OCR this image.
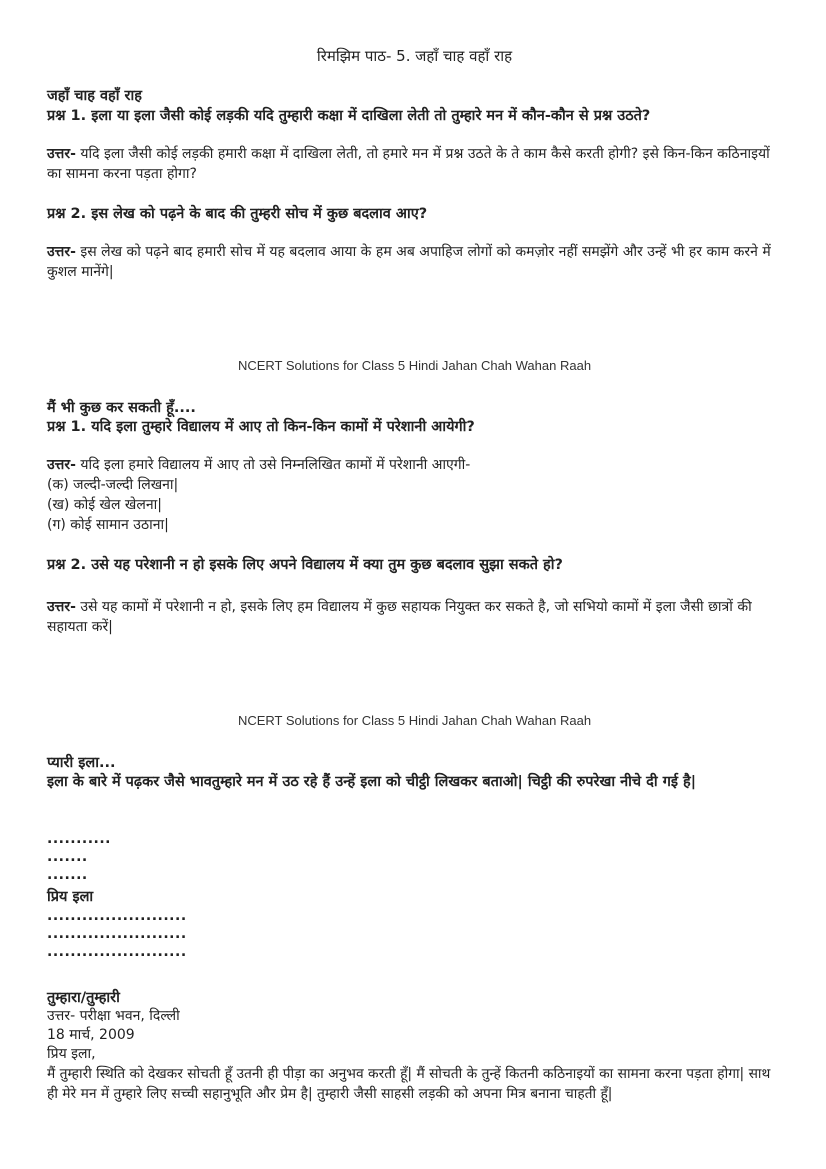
रिमझिम पाठ- 5. जहाँ चाह वहाँ राह
जहाँ चाह वहाँ राह
प्रश्न 1. इला या इला जैसी कोई लड़की यदि तुम्हारी कक्षा में दाखिला लेती तो तुम्हारे मन में कौन-कौन से प्रश्न उठते?
उत्तर- यदि इला जैसी कोई लड़की हमारी कक्षा में दाखिला लेती, तो हमारे मन में प्रश्न उठते के ते काम कैसे करती होगी? इसे किन-किन कठिनाइयों का सामना करना पड़ता होगा?
प्रश्न 2. इस लेख को पढ़ने के बाद की तुम्हरी सोच में कुछ बदलाव आए?
उत्तर- इस लेख को पढ़ने बाद हमारी सोच में यह बदलाव आया के हम अब अपाहिज लोगों को कमज़ोर नहीं समझेंगे और उन्हें भी हर काम करने में कुशल मानेंगे|
NCERT Solutions for Class 5 Hindi Jahan Chah Wahan Raah
मैं भी कुछ कर सकती हूँ....
प्रश्न 1. यदि इला तुम्हारे विद्यालय में आए तो किन-किन कामों में परेशानी आयेगी?
उत्तर- यदि इला हमारे विद्यालय में आए तो उसे निम्नलिखित कामों में परेशानी आएगी-
(क) जल्दी-जल्दी लिखना|
(ख) कोई खेल खेलना|
(ग) कोई सामान उठाना|
प्रश्न 2. उसे यह परेशानी न हो इसके लिए अपने विद्यालय में क्या तुम कुछ बदलाव सुझा सकते हो?
उत्तर- उसे यह कामों में परेशानी न हो, इसके लिए हम विद्यालय में कुछ सहायक नियुक्त कर सकते है, जो सभियो कामों में इला जैसी छात्रों की सहायता करें|
NCERT Solutions for Class 5 Hindi Jahan Chah Wahan Raah
प्यारी इला...
इला के बारे में पढ़कर जैसे भावतुम्हारे मन में उठ रहे हैं उन्हें इला को चीट्ठी लिखकर बताओ| चिट्ठी की रुपरेखा नीचे दी गई है|
...........
.......
.......
प्रिय इला
........................
........................
........................
तुम्हारा/तुम्हारी
उत्तर- परीक्षा भवन, दिल्ली
18 मार्च, 2009
प्रिय इला,
मैं तुम्हारी स्थिति को देखकर सोचती हूँ उतनी ही पीड़ा का अनुभव करती हूँ| मैं सोचती के तुन्हें कितनी कठिनाइयों का सामना करना पड़ता होगा| साथ ही मेरे मन में तुम्हारे लिए सच्ची सहानुभूति और प्रेम है| तुम्हारी जैसी साहसी लड़की को अपना मित्र बनाना चाहती हूँ|
